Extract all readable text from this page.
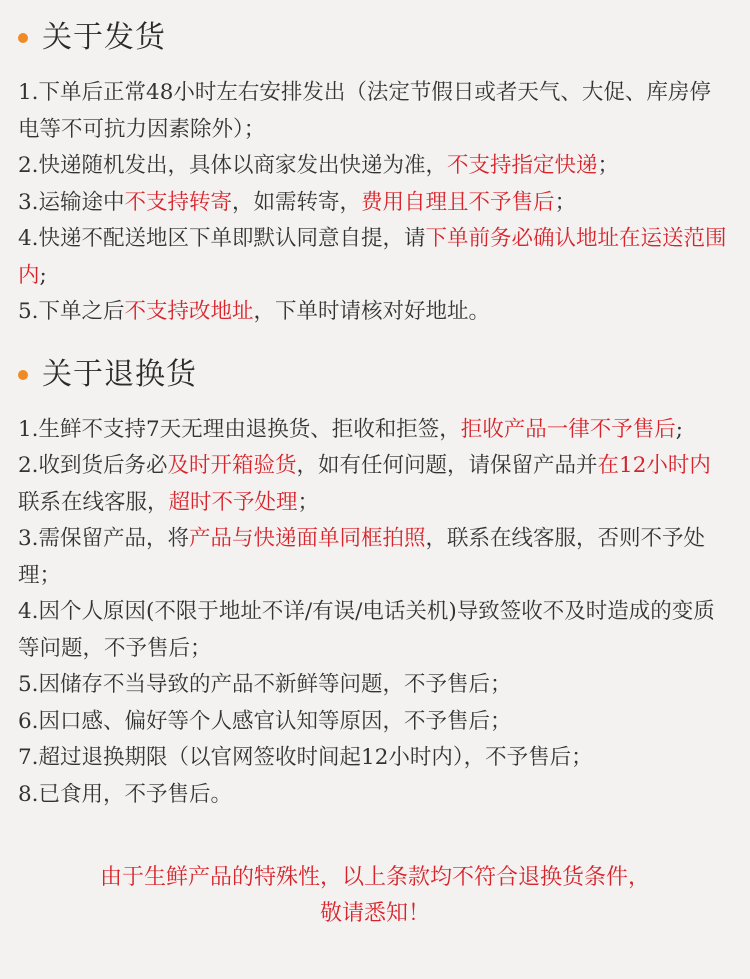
关于发货
1.下单后正常48小时左右安排发出（法定节假日或者天气、大促、库房停电等不可抗力因素除外）；
2.快递随机发出，具体以商家发出快递为准，不支持指定快递；
3.运输途中不支持转寄，如需转寄，费用自理且不予售后；
4.快递不配送地区下单即默认同意自提，请下单前务必确认地址在运送范围内;
5.下单之后不支持改地址，下单时请核对好地址。
关于退换货
1.生鲜不支持7天无理由退换货、拒收和拒签，拒收产品一律不予售后;
2.收到货后务必及时开箱验货，如有任何问题，请保留产品并在12小时内联系在线客服，超时不予处理；
3.需保留产品，将产品与快递面单同框拍照，联系在线客服，否则不予处理；
4.因个人原因(不限于地址不详/有误/电话关机)导致签收不及时造成的变质等问题，不予售后；
5.因储存不当导致的产品不新鲜等问题，不予售后；
6.因口感、偏好等个人感官认知等原因，不予售后；
7.超过退换期限（以官网签收时间起12小时内），不予售后；
8.已食用，不予售后。
由于生鲜产品的特殊性，以上条款均不符合退换货条件，
敬请悉知！
